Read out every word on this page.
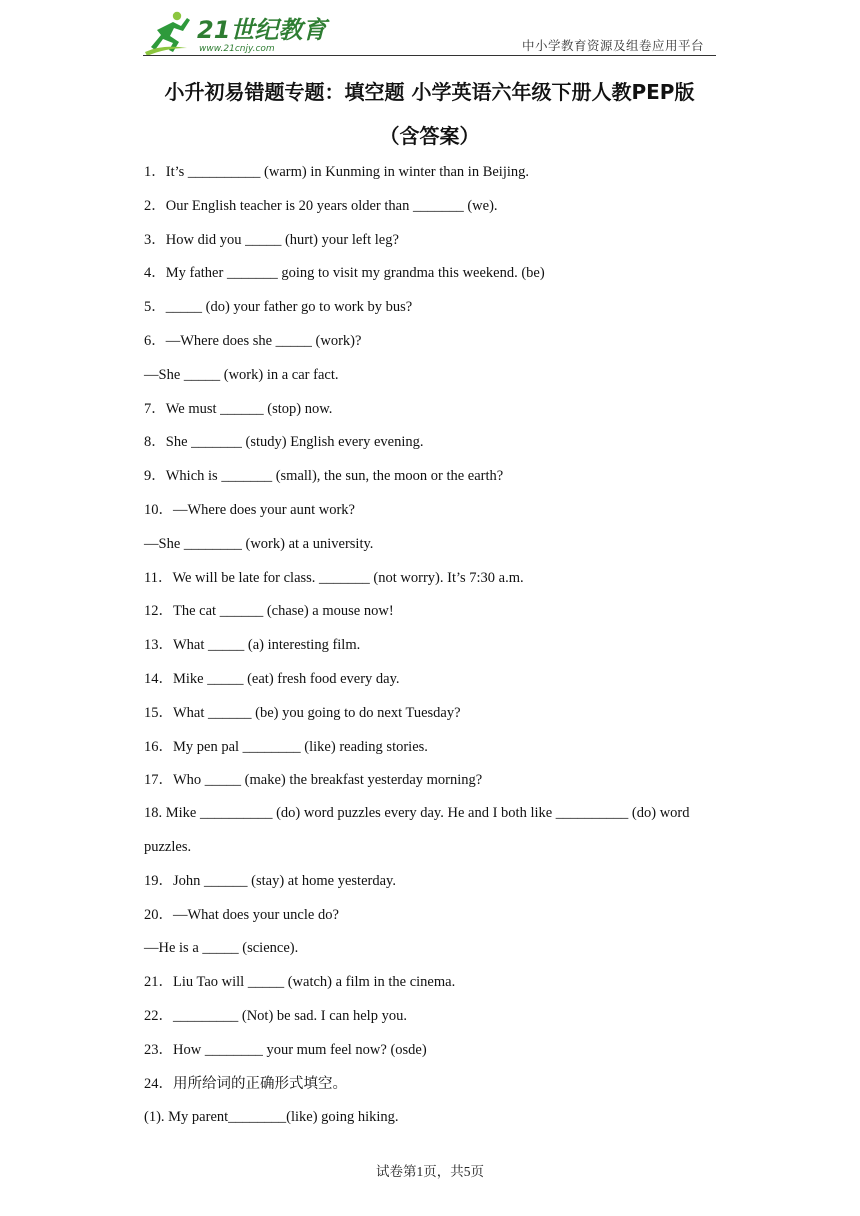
21世纪教育
www.21cnjy.com	中小学教育资源及组卷应用平台
小升初易错题专题：填空题 小学英语六年级下册人教PEP版
（含答案）
1．It’s __________ (warm) in Kunming in winter than in Beijing.
2．Our English teacher is 20 years older than _______ (we).
3．How did you _____ (hurt) your left leg?
4．My father _______ going to visit my grandma this weekend. (be)
5．_____ (do) your father go to work by bus?
6．—Where does she _____ (work)?
—She _____ (work) in a car fact.
7．We must ______ (stop) now.
8．She _______ (study) English every evening.
9．Which is _______ (small), the sun, the moon or the earth?
10．—Where does your aunt work?
—She ________ (work) at a university.
11．We will be late for class. _______ (not worry). It’s 7:30 a.m.
12．The cat ______ (chase) a mouse now!
13．What _____ (a) interesting film.
14．Mike _____ (eat) fresh food every day.
15．What ______ (be) you going to do next Tuesday?
16．My pen pal ________ (like) reading stories.
17．Who _____ (make) the breakfast yesterday morning?
18. Mike __________ (do) word puzzles every day. He and I both like __________ (do) word puzzles.
19．John ______ (stay) at home yesterday.
20．—What does your uncle do?
—He is a _____ (science).
21．Liu Tao will _____ (watch) a film in the cinema.
22．_________ (Not) be sad. I can help you.
23．How ________ your mum feel now? (osde)
24．用所给词的正确形式填空。
(1). My parent________(like) going hiking.
试卷第1页，共5页
